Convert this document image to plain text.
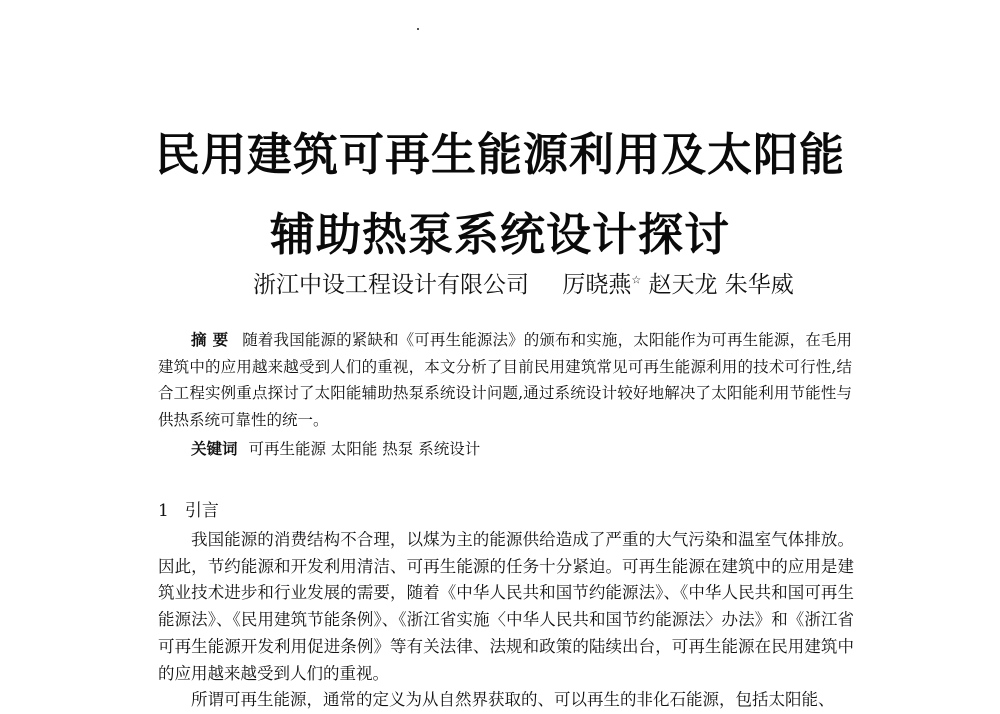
民用建筑可再生能源利用及太阳能
辅助热泵系统设计探讨
浙江中设工程设计有限公司 厉晓燕☆ 赵天龙 朱华威
摘要 随着我国能源的紧缺和《可再生能源法》的颁布和实施，太阳能作为可再生能源，在毛用建筑中的应用越来越受到人们的重视，本文分析了目前民用建筑常见可再生能源利用的技术可行性,结合工程实例重点探讨了太阳能辅助热泵系统设计问题,通过系统设计较好地解决了太阳能利用节能性与供热系统可靠性的统一。
关键词 可再生能源 太阳能 热泵 系统设计
1 引言

我国能源的消费结构不合理，以煤为主的能源供给造成了严重的大气污染和温室气体排放。因此，节约能源和开发利用清洁、可再生能源的任务十分紧迫。可再生能源在建筑中的应用是建筑业技术进步和行业发展的需要，随着《中华人民共和国节约能源法》、《中华人民共和国可再生能源法》、《民用建筑节能条例》、《浙江省实施〈中华人民共和国节约能源法〉办法》和《浙江省可再生能源开发利用促进条例》等有关法律、法规和政策的陆续出台，可再生能源在民用建筑中的应用越来越受到人们的重视。

所谓可再生能源，通常的定义为从自然界获取的、可以再生的非化石能源，包括太阳能、
